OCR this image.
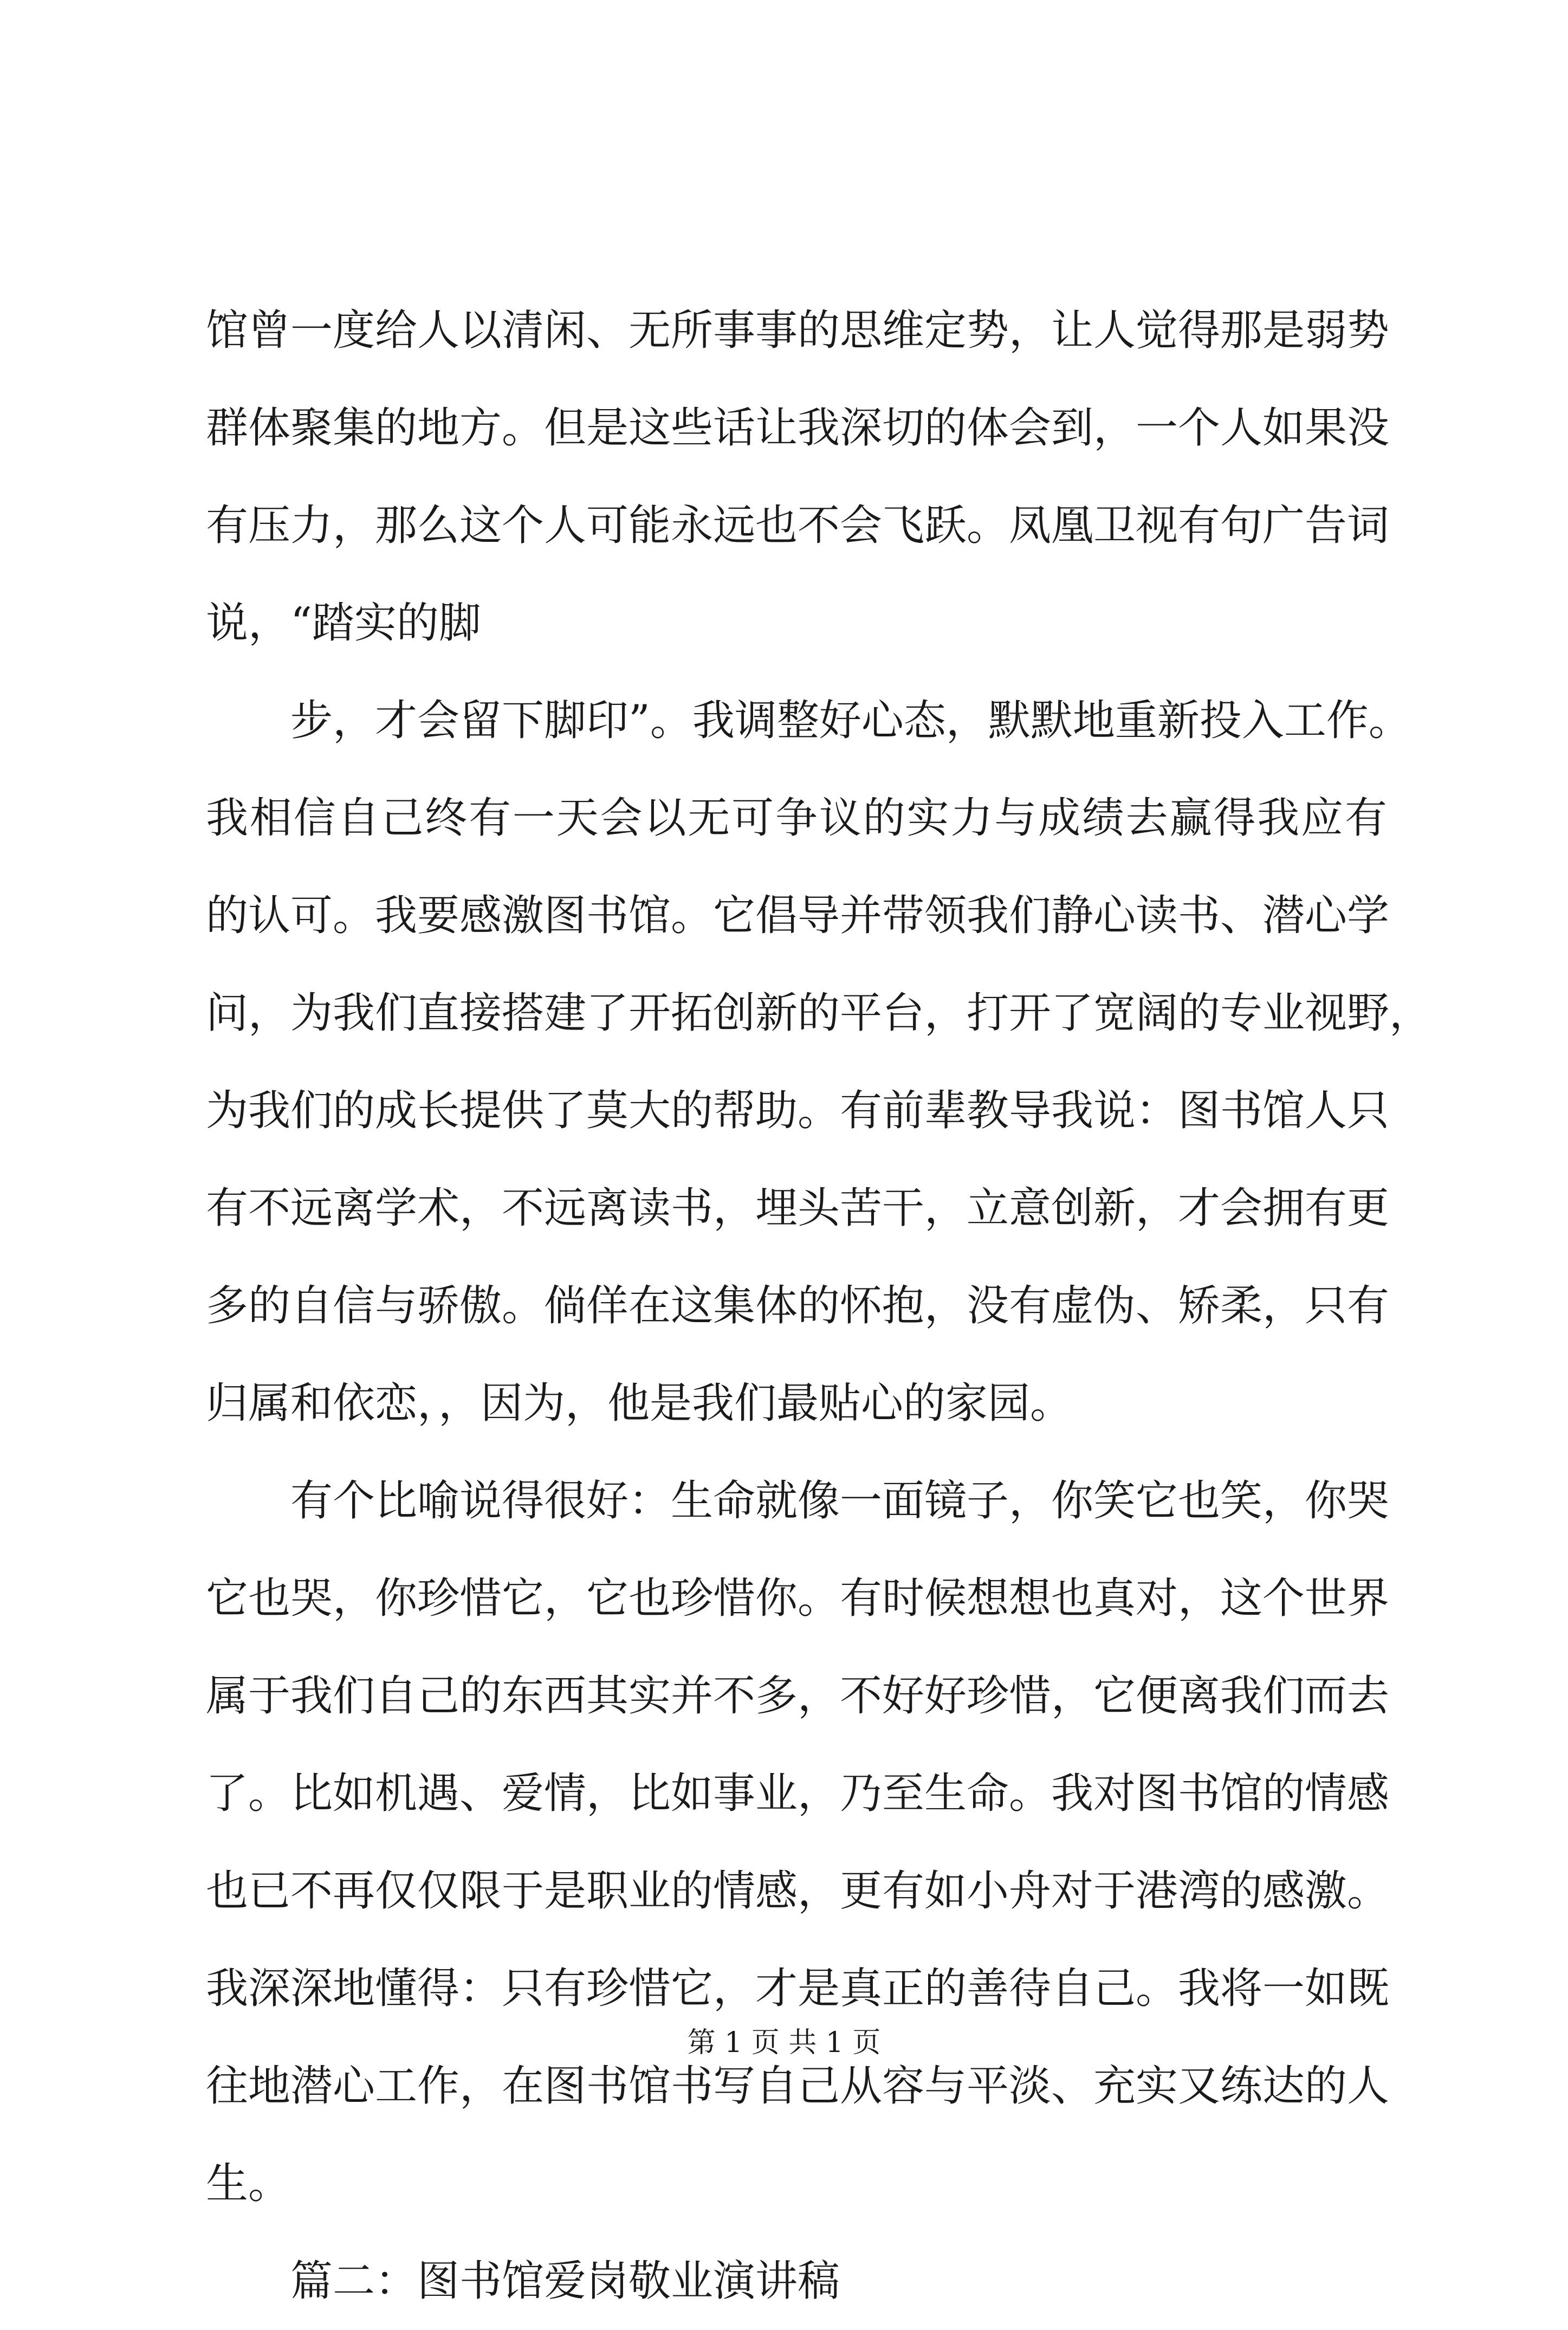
馆曾一度给人以清闲、无所事事的思维定势，让人觉得那是弱势
群体聚集的地方。但是这些话让我深切的体会到，一个人如果没
有压力，那么这个人可能永远也不会飞跃。凤凰卫视有句广告词
说，“踏实的脚
步，才会留下脚印”。我调整好心态，默默地重新投入工作。
我相信自己终有一天会以无可争议的实力与成绩去赢得我应有
的认可。我要感激图书馆。它倡导并带领我们静心读书、潜心学
问，为我们直接搭建了开拓创新的平台，打开了宽阔的专业视野，
为我们的成长提供了莫大的帮助。有前辈教导我说：图书馆人只
有不远离学术，不远离读书，埋头苦干，立意创新，才会拥有更
多的自信与骄傲。倘佯在这集体的怀抱，没有虚伪、矫柔，只有
归属和依恋，，因为，他是我们最贴心的家园。
有个比喻说得很好：生命就像一面镜子，你笑它也笑，你哭
它也哭，你珍惜它，它也珍惜你。有时候想想也真对，这个世界
属于我们自己的东西其实并不多，不好好珍惜，它便离我们而去
了。比如机遇、爱情，比如事业，乃至生命。我对图书馆的情感
也已不再仅仅限于是职业的情感，更有如小舟对于港湾的感激。
我深深地懂得：只有珍惜它，才是真正的善待自己。我将一如既
往地潜心工作，在图书馆书写自己从容与平淡、充实又练达的人
生。
篇二：图书馆爱岗敬业演讲稿
第 1 页 共 1 页
